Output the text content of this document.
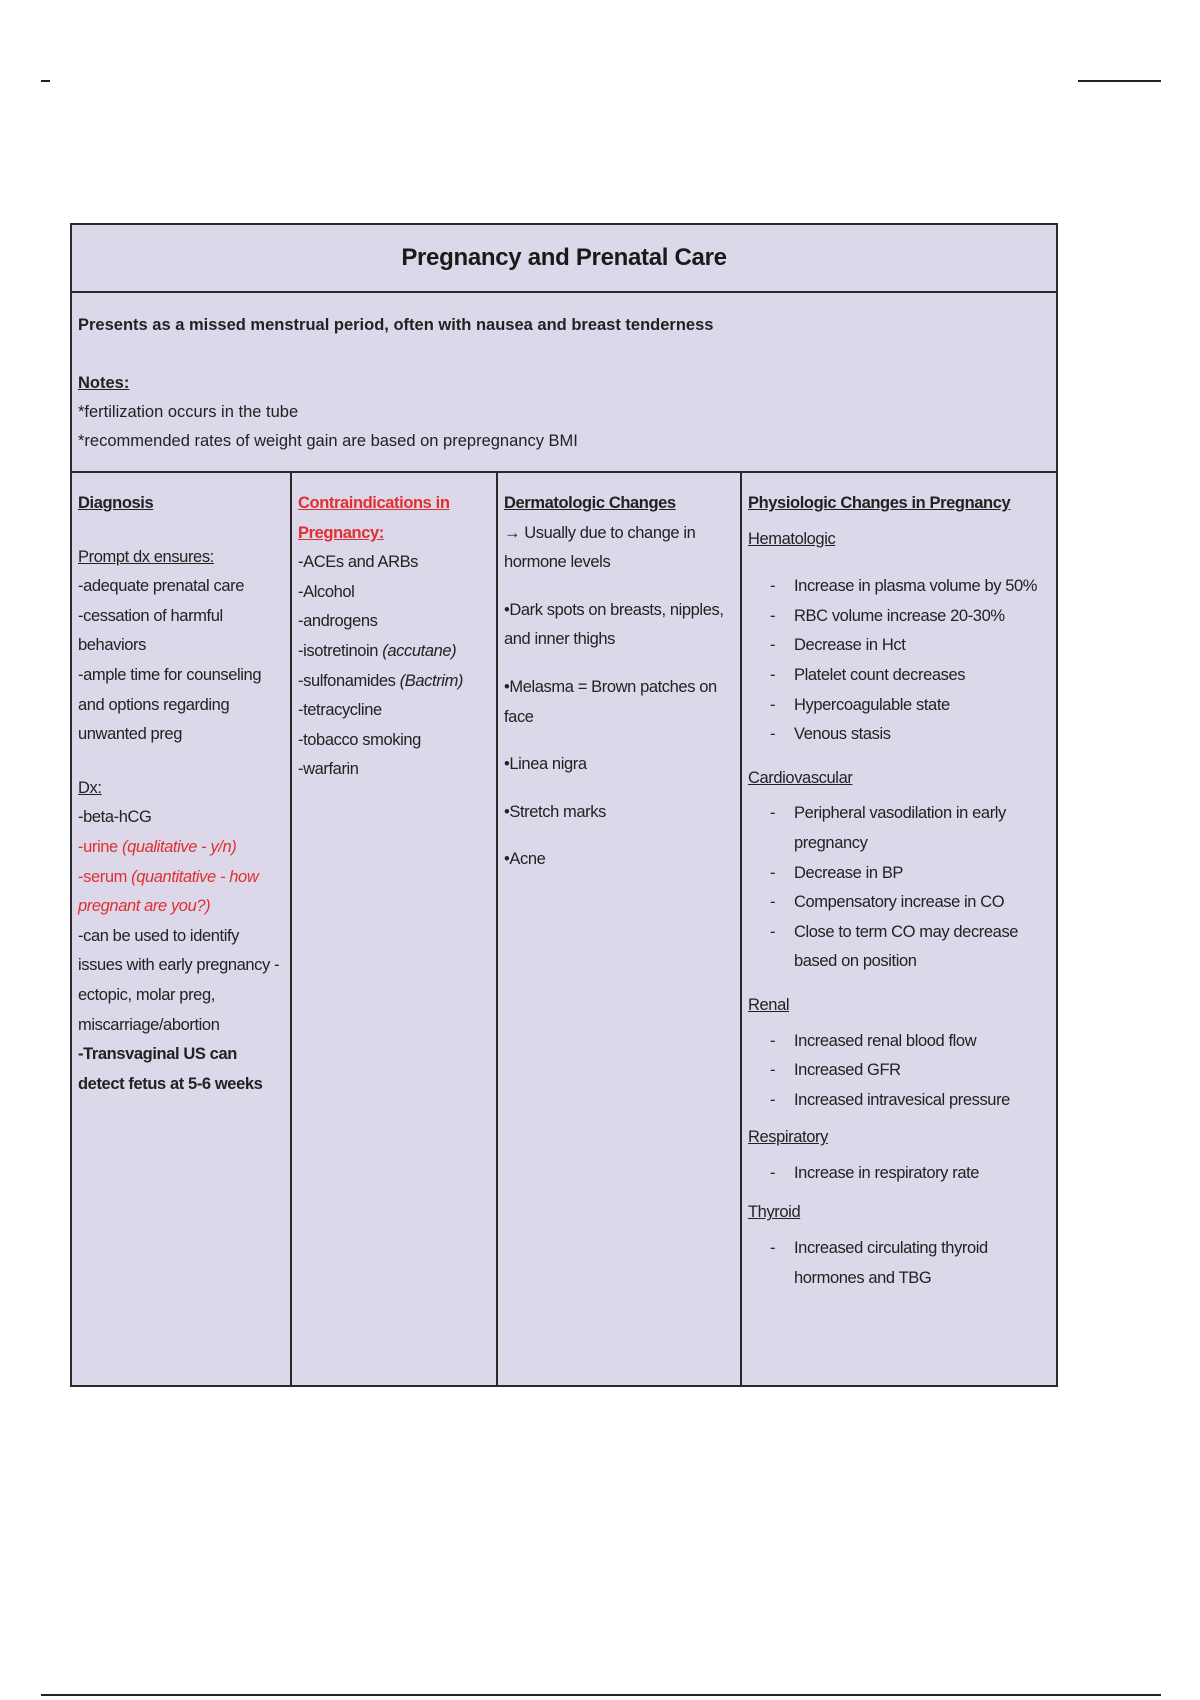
Pregnancy and Prenatal Care
Presents as a missed menstrual period, often with nausea and breast tenderness
Notes:
*fertilization occurs in the tube
*recommended rates of weight gain are based on prepregnancy BMI
Diagnosis
Prompt dx ensures:
-adequate prenatal care
-cessation of harmful behaviors
-ample time for counseling and options regarding unwanted preg
Dx:
-beta-hCG
-urine (qualitative - y/n)
-serum (quantitative - how pregnant are you?)
-can be used to identify issues with early pregnancy - ectopic, molar preg, miscarriage/abortion
-Transvaginal US can detect fetus at 5-6 weeks
Contraindications in Pregnancy:
-ACEs and ARBs
-Alcohol
-androgens
-isotretinoin (accutane)
-sulfonamides (Bactrim)
-tetracycline
-tobacco smoking
-warfarin
Dermatologic Changes
→ Usually due to change in hormone levels
•Dark spots on breasts, nipples, and inner thighs
•Melasma = Brown patches on face
•Linea nigra
•Stretch marks
•Acne
Physiologic Changes in Pregnancy
Hematologic
- Increase in plasma volume by 50%
- RBC volume increase 20-30%
- Decrease in Hct
- Platelet count decreases
- Hypercoagulable state
- Venous stasis
Cardiovascular
- Peripheral vasodilation in early pregnancy
- Decrease in BP
- Compensatory increase in CO
- Close to term CO may decrease based on position
Renal
- Increased renal blood flow
- Increased GFR
- Increased intravesical pressure
Respiratory
- Increase in respiratory rate
Thyroid
- Increased circulating thyroid hormones and TBG
